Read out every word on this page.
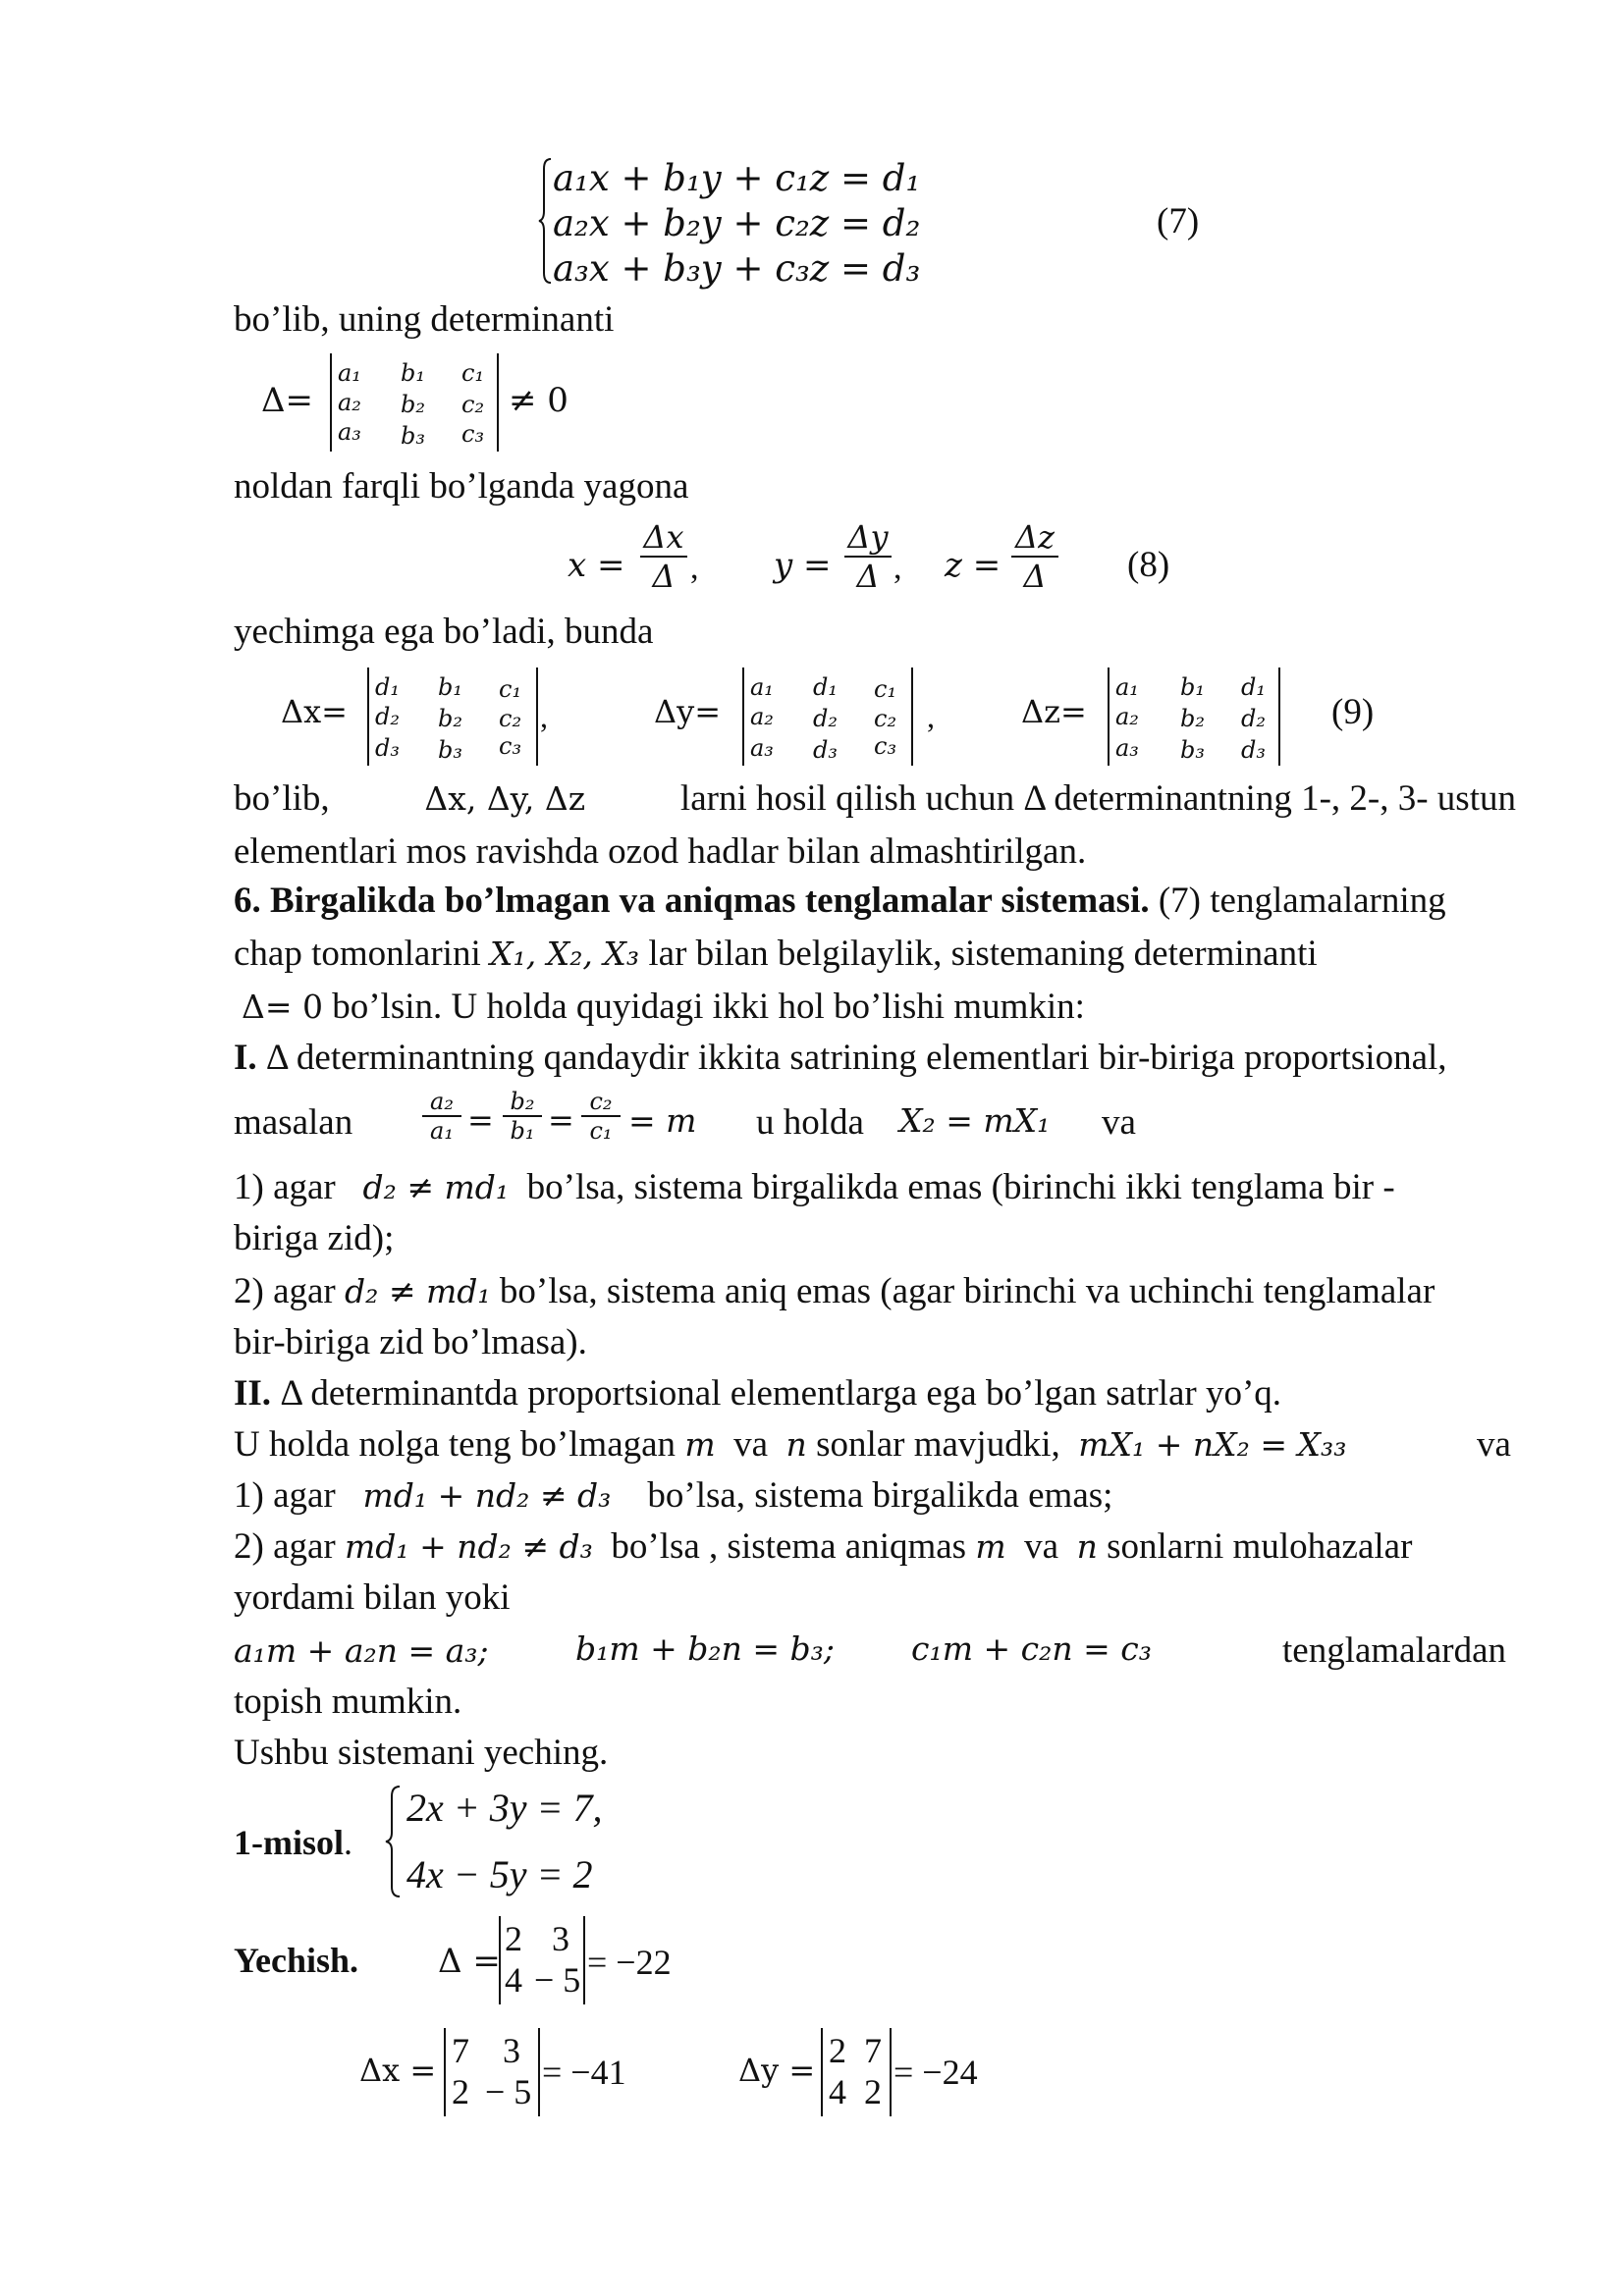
a₁x + b₁y + c₁z = d₁
a₂x + b₂y + c₂z = d₂
a₃x + b₃y + c₃z = d₃
(7)
bo’lib, uning determinanti
Δ=
a₁ b₁ c₁
a₂ b₂ c₂
a₃ b₃ c₃
≠ 0
noldan farqli bo’lganda yagona
x =
Δx
Δ , y =
Δy
Δ , z =
Δz
Δ	(8)
yechimga ega bo’ladi, bunda
Δx=
d₁ b₁ c₁
d₂ b₂ c₂
d₃ b₃ c₃
,	Δy=
a₁ d₁ c₁
a₂ d₂ c₂
a₃ d₃ c₃
,	Δz=
a₁ b₁ d₁
a₂ b₂ d₂
a₃ b₃ d₃
(9)
bo’lib,	Δx, Δy, Δz	larni hosil qilish uchun Δ determinantning 1-, 2-, 3- ustun
elementlari mos ravishda ozod hadlar bilan almashtirilgan.
6. Birgalikda bo’lmagan va aniqmas tenglamalar sistemasi. (7) tenglamalarning
chap tomonlarini X₁, X₂, X₃ lar bilan belgilaylik, sistemaning determinanti
Δ= 0 bo’lsin. U holda quyidagi ikki hol bo’lishi mumkin:
I. Δ determinantning qandaydir ikkita satrining elementlari bir-biriga proportsional,
masalan
a₂
a₁ = b₂
b₁ = c₂
c₁ = m u holda X₂ = mX₁ va
1) agar   d₂ ≠ md₁  bo’lsa, sistema birgalikda emas (birinchi ikki tenglama bir -
biriga zid);
2) agar d₂ ≠ md₁ bo’lsa, sistema aniq emas (agar birinchi va uchinchi tenglamalar
bir-biriga zid bo’lmasa).
II. Δ determinantda proportsional elementlarga ega bo’lgan satrlar yo’q.
U holda nolga teng bo’lmagan m va n sonlar mavjudki,  mX₁ + nX₂ = X₃₃	va
1) agar   md₁ + nd₂ ≠ d₃    bo’lsa, sistema birgalikda emas;
2) agar md₁ + nd₂ ≠ d₃  bo’lsa , sistema aniqmas m va n sonlarni mulohazalar
yordami bilan yoki
a₁m + a₂n = a₃;	b₁m + b₂n = b₃; c₁m + c₂n = c₃	tenglamalardan
topish mumkin.
Ushbu sistemani yeching.
1-misol.
2x + 3y = 7,
4x − 5y = 2
Yechish. Δ =
2 3
4 − 5 = −22
Δx = 7 3
2 − 5 = −41	Δy = 2 7
4 2 = −24
